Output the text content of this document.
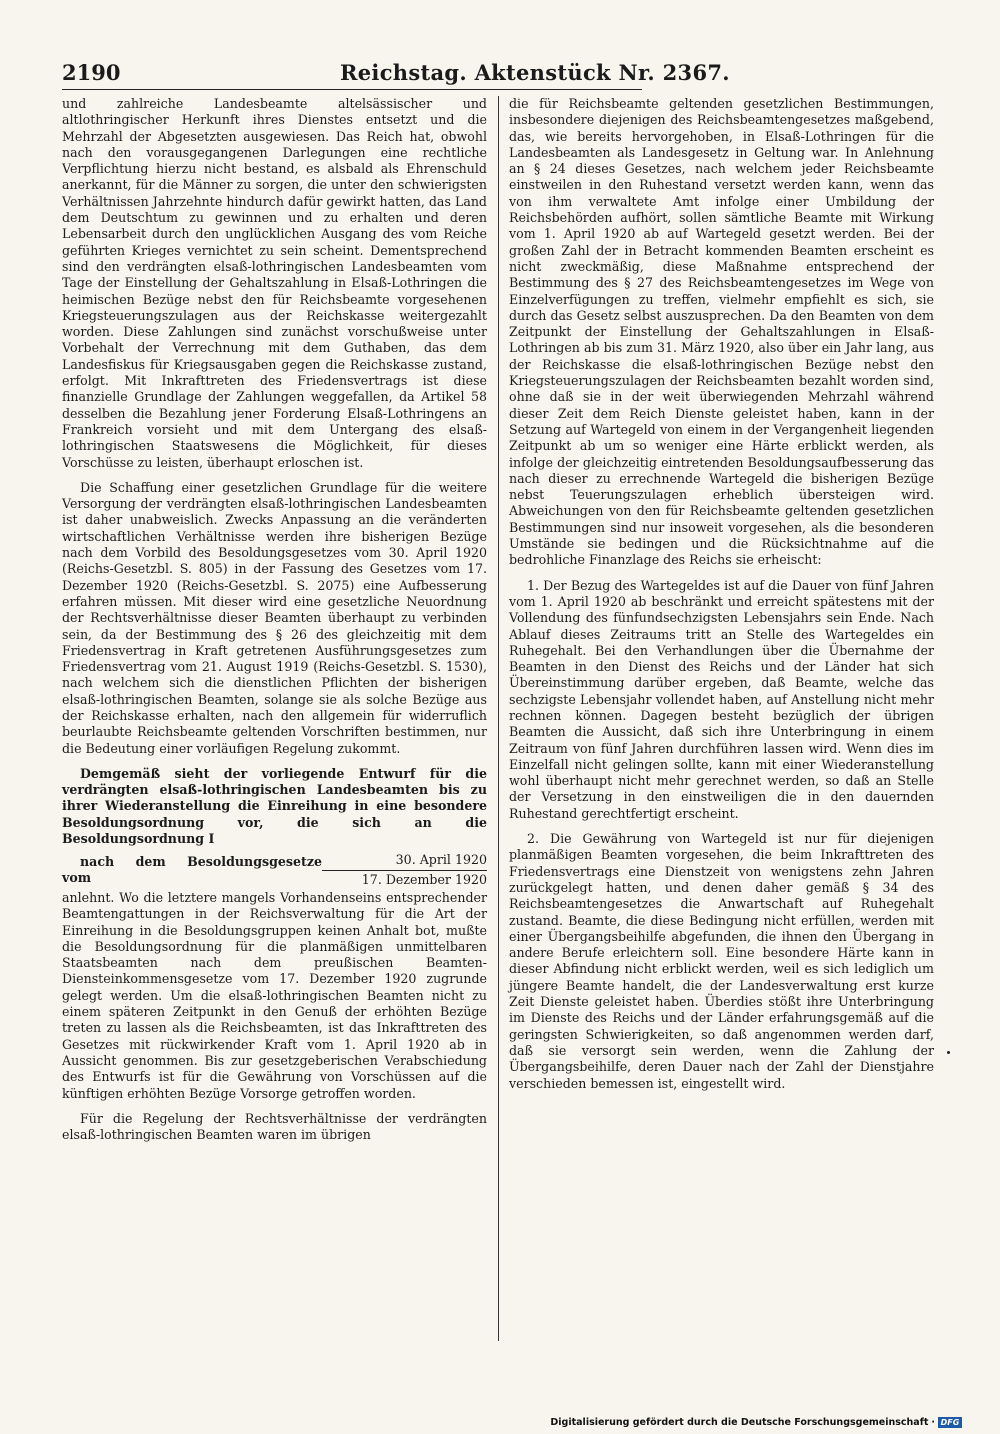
2190	Reichstag. Aktenstück Nr. 2367.

und zahlreiche Landesbeamte altelsässischer und altlothringischer Herkunft ihres Dienstes entsetzt und die Mehrzahl der Abgesetzten ausgewiesen. Das Reich hat, obwohl nach den vorausgegangenen Darlegungen eine rechtliche Verpflichtung hierzu nicht bestand, es alsbald als Ehrenschuld anerkannt, für die Männer zu sorgen, die unter den schwierigsten Verhältnissen Jahrzehnte hindurch dafür gewirkt hatten, das Land dem Deutschtum zu gewinnen und zu erhalten und deren Lebensarbeit durch den unglücklichen Ausgang des vom Reiche geführten Krieges vernichtet zu sein scheint. Dementsprechend sind den verdrängten elsaß-lothringischen Landesbeamten vom Tage der Einstellung der Gehaltszahlung in Elsaß-Lothringen die heimischen Bezüge nebst den für Reichsbeamte vorgesehenen Kriegsteuerungszulagen aus der Reichskasse weitergezahlt worden. Diese Zahlungen sind zunächst vorschußweise unter Vorbehalt der Verrechnung mit dem Guthaben, das dem Landesfiskus für Kriegsausgaben gegen die Reichskasse zustand, erfolgt. Mit Inkrafttreten des Friedensvertrags ist diese finanzielle Grundlage der Zahlungen weggefallen, da Artikel 58 desselben die Bezahlung jener Forderung Elsaß-Lothringens an Frankreich vorsieht und mit dem Untergang des elsaß-lothringischen Staatswesens die Möglichkeit, für dieses Vorschüsse zu leisten, überhaupt erloschen ist.

Die Schaffung einer gesetzlichen Grundlage für die weitere Versorgung der verdrängten elsaß-lothringischen Landesbeamten ist daher unabweislich. Zwecks Anpassung an die veränderten wirtschaftlichen Verhältnisse werden ihre bisherigen Bezüge nach dem Vorbild des Besoldungsgesetzes vom 30. April 1920 (Reichs-Gesetzbl. S. 805) in der Fassung des Gesetzes vom 17. Dezember 1920 (Reichs-Gesetzbl. S. 2075) eine Aufbesserung erfahren müssen. Mit dieser wird eine gesetzliche Neuordnung der Rechtsverhältnisse dieser Beamten überhaupt zu verbinden sein, da der Bestimmung des § 26 des gleichzeitig mit dem Friedensvertrag in Kraft getretenen Ausführungsgesetzes zum Friedensvertrag vom 21. August 1919 (Reichs-Gesetzbl. S. 1530), nach welchem sich die dienstlichen Pflichten der bisherigen elsaß-lothringischen Beamten, solange sie als solche Bezüge aus der Reichskasse erhalten, nach den allgemein für widerruflich beurlaubte Reichsbeamte geltenden Vorschriften bestimmen, nur die Bedeutung einer vorläufigen Regelung zukommt.

Demgemäß sieht der vorliegende Entwurf für die verdrängten elsaß-lothringischen Landesbeamten bis zu ihrer Wiederanstellung die Einreihung in eine besondere Besoldungsordnung vor, die sich an die Besoldungsordnung I

nach dem Besoldungsgesetze vom	$\frac{\text{30. April 1920}}{\text{17. Dezember 1920}}$

anlehnt. Wo die letztere mangels Vorhandenseins entsprechender Beamtengattungen in der Reichsverwaltung für die Art der Einreihung in die Besoldungsgruppen keinen Anhalt bot, mußte die Besoldungsordnung für die planmäßigen unmittelbaren Staatsbeamten nach dem preußischen Beamten-Diensteinkommensgesetze vom 17. Dezember 1920 zugrunde gelegt werden. Um die elsaß-lothringischen Beamten nicht zu einem späteren Zeitpunkt in den Genuß der erhöhten Bezüge treten zu lassen als die Reichsbeamten, ist das Inkrafttreten des Gesetzes mit rückwirkender Kraft vom 1. April 1920 ab in Aussicht genommen. Bis zur gesetzgeberischen Verabschiedung des Entwurfs ist für die Gewährung von Vorschüssen auf die künftigen erhöhten Bezüge Vorsorge getroffen worden.

Für die Regelung der Rechtsverhältnisse der verdrängten elsaß-lothringischen Beamten waren im übrigen

die für Reichsbeamte geltenden gesetzlichen Bestimmungen, insbesondere diejenigen des Reichsbeamtengesetzes maßgebend, das, wie bereits hervorgehoben, in Elsaß-Lothringen für die Landesbeamten als Landesgesetz in Geltung war. In Anlehnung an § 24 dieses Gesetzes, nach welchem jeder Reichsbeamte einstweilen in den Ruhestand versetzt werden kann, wenn das von ihm verwaltete Amt infolge einer Umbildung der Reichsbehörden aufhört, sollen sämtliche Beamte mit Wirkung vom 1. April 1920 ab auf Wartegeld gesetzt werden. Bei der großen Zahl der in Betracht kommenden Beamten erscheint es nicht zweckmäßig, diese Maßnahme entsprechend der Bestimmung des § 27 des Reichsbeamtengesetzes im Wege von Einzelverfügungen zu treffen, vielmehr empfiehlt es sich, sie durch das Gesetz selbst auszusprechen. Da den Beamten von dem Zeitpunkt der Einstellung der Gehaltszahlungen in Elsaß-Lothringen ab bis zum 31. März 1920, also über ein Jahr lang, aus der Reichskasse die elsaß-lothringischen Bezüge nebst den Kriegsteuerungszulagen der Reichsbeamten bezahlt worden sind, ohne daß sie in der weit überwiegenden Mehrzahl während dieser Zeit dem Reich Dienste geleistet haben, kann in der Setzung auf Wartegeld von einem in der Vergangenheit liegenden Zeitpunkt ab um so weniger eine Härte erblickt werden, als infolge der gleichzeitig eintretenden Besoldungsaufbesserung das nach dieser zu errechnende Wartegeld die bisherigen Bezüge nebst Teuerungszulagen erheblich übersteigen wird. Abweichungen von den für Reichsbeamte geltenden gesetzlichen Bestimmungen sind nur insoweit vorgesehen, als die besonderen Umstände sie bedingen und die Rücksichtnahme auf die bedrohliche Finanzlage des Reichs sie erheischt:

1. Der Bezug des Wartegeldes ist auf die Dauer von fünf Jahren vom 1. April 1920 ab beschränkt und erreicht spätestens mit der Vollendung des fünfundsechzigsten Lebensjahrs sein Ende. Nach Ablauf dieses Zeitraums tritt an Stelle des Wartegeldes ein Ruhegehalt. Bei den Verhandlungen über die Übernahme der Beamten in den Dienst des Reichs und der Länder hat sich Übereinstimmung darüber ergeben, daß Beamte, welche das sechzigste Lebensjahr vollendet haben, auf Anstellung nicht mehr rechnen können. Dagegen besteht bezüglich der übrigen Beamten die Aussicht, daß sich ihre Unterbringung in einem Zeitraum von fünf Jahren durchführen lassen wird. Wenn dies im Einzelfall nicht gelingen sollte, kann mit einer Wiederanstellung wohl überhaupt nicht mehr gerechnet werden, so daß an Stelle der Versetzung in den einstweiligen die in den dauernden Ruhestand gerechtfertigt erscheint.

2. Die Gewährung von Wartegeld ist nur für diejenigen planmäßigen Beamten vorgesehen, die beim Inkrafttreten des Friedensvertrags eine Dienstzeit von wenigstens zehn Jahren zurückgelegt hatten, und denen daher gemäß § 34 des Reichsbeamtengesetzes die Anwartschaft auf Ruhegehalt zustand. Beamte, die diese Bedingung nicht erfüllen, werden mit einer Übergangsbeihilfe abgefunden, die ihnen den Übergang in andere Berufe erleichtern soll. Eine besondere Härte kann in dieser Abfindung nicht erblickt werden, weil es sich lediglich um jüngere Beamte handelt, die der Landesverwaltung erst kurze Zeit Dienste geleistet haben. Überdies stößt ihre Unterbringung im Dienste des Reichs und der Länder erfahrungsgemäß auf die geringsten Schwierigkeiten, so daß angenommen werden darf, daß sie versorgt sein werden, wenn die Zahlung der Übergangsbeihilfe, deren Dauer nach der Zahl der Dienstjahre verschieden bemessen ist, eingestellt wird.

Digitalisierung gefördert durch die Deutsche Forschungsgemeinschaft · DFG
